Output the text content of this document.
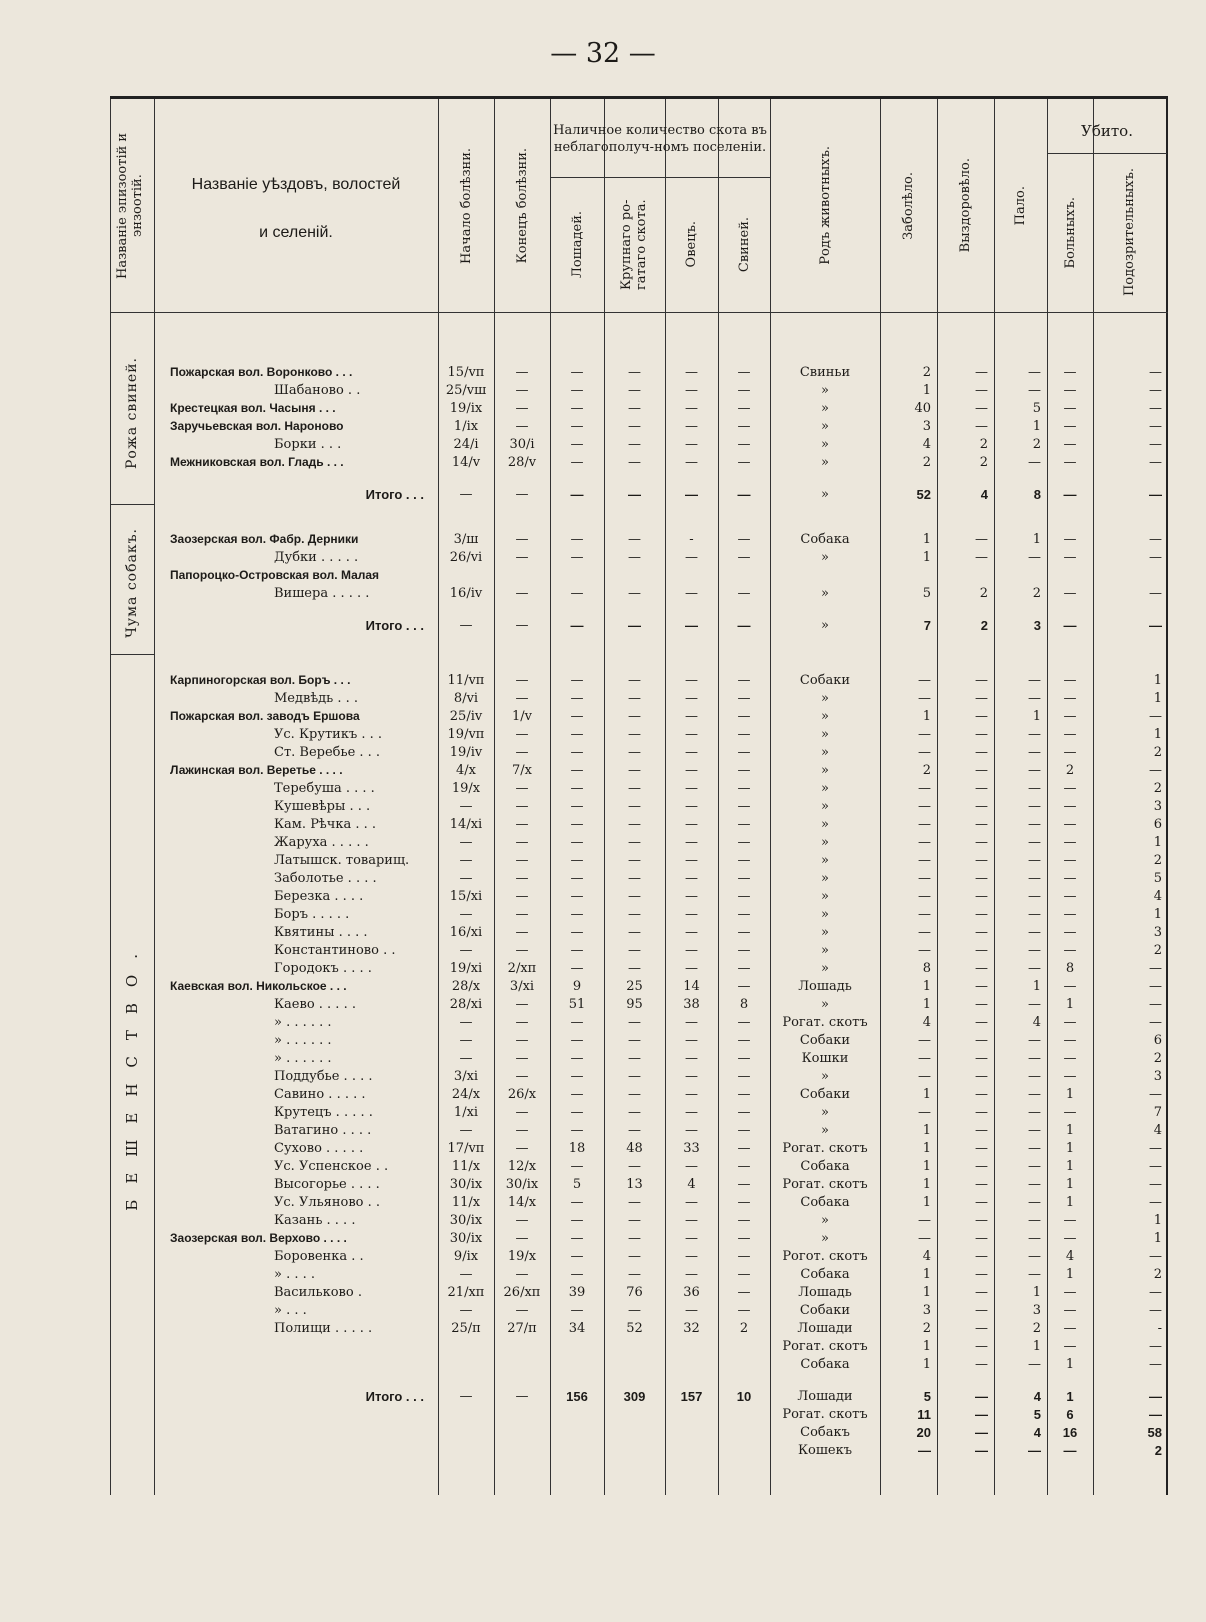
— 32 —
Названіе эпизоотій и энзоотій.	Названіе уѣздовъ, волостей
и селеній.	Начало болѣзни.	Конецъ болѣзни.
Наличное количество скота въ неблагополуч-номъ поселеніи.
Лошадей.	Крупнаго ро-гатаго скота.	Овецъ.	Свиней.	Родъ животныхъ.	Заболѣло.	Выздоровѣло.	Пало.
Убито.
Больныхъ.	Подозрительныхъ.
Рожа свиней.
Чума собакъ.
БЕШЕНСТВО.
Пожарская вол. Воронково . . .	15/vп	—	—	—	—	—	Свиньи	2	—	—	—	—
Шабаново . .	25/vш	—	—	—	—	—	»	1	—	—	—	—
Крестецкая вол. Часыня . . .	19/іх	—	—	—	—	—	»	40	—	5	—	—
Заручьевская вол. Нароново	1/іх	—	—	—	—	—	»	3	—	1	—	—
Борки . . .	24/і	30/і	—	—	—	—	»	4	2	2	—	—
Межниковская вол. Гладь . . .	14/v	28/v	—	—	—	—	»	2	2	—	—	—
Итого . . .	—	—	—	—	—	—	»	52	4	8	—	—
Заозерская вол. Фабр. Дерники	3/ш	—	—	—	-	—	Собака	1	—	1	—	—
Дубки . . . . .	26/vі	—	—	—	—	—	»	1	—	—	—	—
Папороцко-Островская вол. Малая
Вишера . . . . .	16/іv	—	—	—	—	—	»	5	2	2	—	—
Итого . . .	—	—	—	—	—	—	»	7	2	3	—	—
Карпиногорская вол. Боръ . . .	11/vп	—	—	—	—	—	Собаки	—	—	—	—	1
Медвѣдь . . .	8/vі	—	—	—	—	—	»	—	—	—	—	1
Пожарская вол. заводъ Ершова	25/іv	1/v	—	—	—	—	»	1	—	1	—	—
Ус. Крутикъ . . .	19/vп	—	—	—	—	—	»	—	—	—	—	1
Ст. Веребье . . .	19/іv	—	—	—	—	—	»	—	—	—	—	2
Лажинская вол. Веретье . . . .	4/х	7/х	—	—	—	—	»	2	—	—	2	—
Теребуша . . . .	19/х	—	—	—	—	—	»	—	—	—	—	2
Кушевѣры . . .	—	—	—	—	—	—	»	—	—	—	—	3
Кам. Рѣчка . . .	14/хі	—	—	—	—	—	»	—	—	—	—	6
Жаруха . . . . .	—	—	—	—	—	—	»	—	—	—	—	1
Латышск. товарищ.	—	—	—	—	—	—	»	—	—	—	—	2
Заболотье . . . .	—	—	—	—	—	—	»	—	—	—	—	5
Березка . . . .	15/хі	—	—	—	—	—	»	—	—	—	—	4
Боръ . . . . .	—	—	—	—	—	—	»	—	—	—	—	1
Квятины . . . .	16/хі	—	—	—	—	—	»	—	—	—	—	3
Константиново . .	—	—	—	—	—	—	»	—	—	—	—	2
Городокъ . . . .	19/хі	2/хп	—	—	—	—	»	8	—	—	8	—
Каевская вол. Никольское . . .	28/х	3/хі	9	25	14	—	Лошадь	1	—	1	—	—
Каево . . . . .	28/хі	—	51	95	38	8	»	1	—	—	1	—
» . . . . . .	—	—	—	—	—	—	Рогат. скотъ	4	—	4	—	—
» . . . . . .	—	—	—	—	—	—	Собаки	—	—	—	—	6
» . . . . . .	—	—	—	—	—	—	Кошки	—	—	—	—	2
Поддубье . . . .	3/хі	—	—	—	—	—	»	—	—	—	—	3
Савино . . . . .	24/х	26/х	—	—	—	—	Собаки	1	—	—	1	—
Крутецъ . . . . .	1/хі	—	—	—	—	—	»	—	—	—	—	7
Ватагино . . . .	—	—	—	—	—	—	»	1	—	—	1	4
Сухово . . . . .	17/vп	—	18	48	33	—	Рогат. скотъ	1	—	—	1	—
Ус. Успенское . .	11/х	12/х	—	—	—	—	Собака	1	—	—	1	—
Высогорье . . . .	30/іх	30/іх	5	13	4	—	Рогат. скотъ	1	—	—	1	—
Ус. Ульяново . .	11/х	14/х	—	—	—	—	Собака	1	—	—	1	—
Казань . . . .	30/іх	—	—	—	—	—	»	—	—	—	—	1
Заозерская вол. Верхово . . . .	30/іх	—	—	—	—	—	»	—	—	—	—	1
Боровенка . .	9/іх	19/х	—	—	—	—	Рогот. скотъ	4	—	—	4	—
» . . . .	—	—	—	—	—	—	Собака	1	—	—	1	2
Васильково .	21/хп	26/хп	39	76	36	—	Лошадь	1	—	1	—	—
» . . .	—	—	—	—	—	—	Собаки	3	—	3	—	—
Полищи . . . . .	25/п	27/п	34	52	32	2	Лошади	2	—	2	—	-
Рогат. скотъ	1	—	1	—	—
Собака	1	—	—	1	—
Итого . . .	—	—	156	309	157	10	Лошади	5	—	4	1	—
Рогат. скотъ	11	—	5	6	—
Собакъ	20	—	4	16	58
Кошекъ	—	—	—	—	2
